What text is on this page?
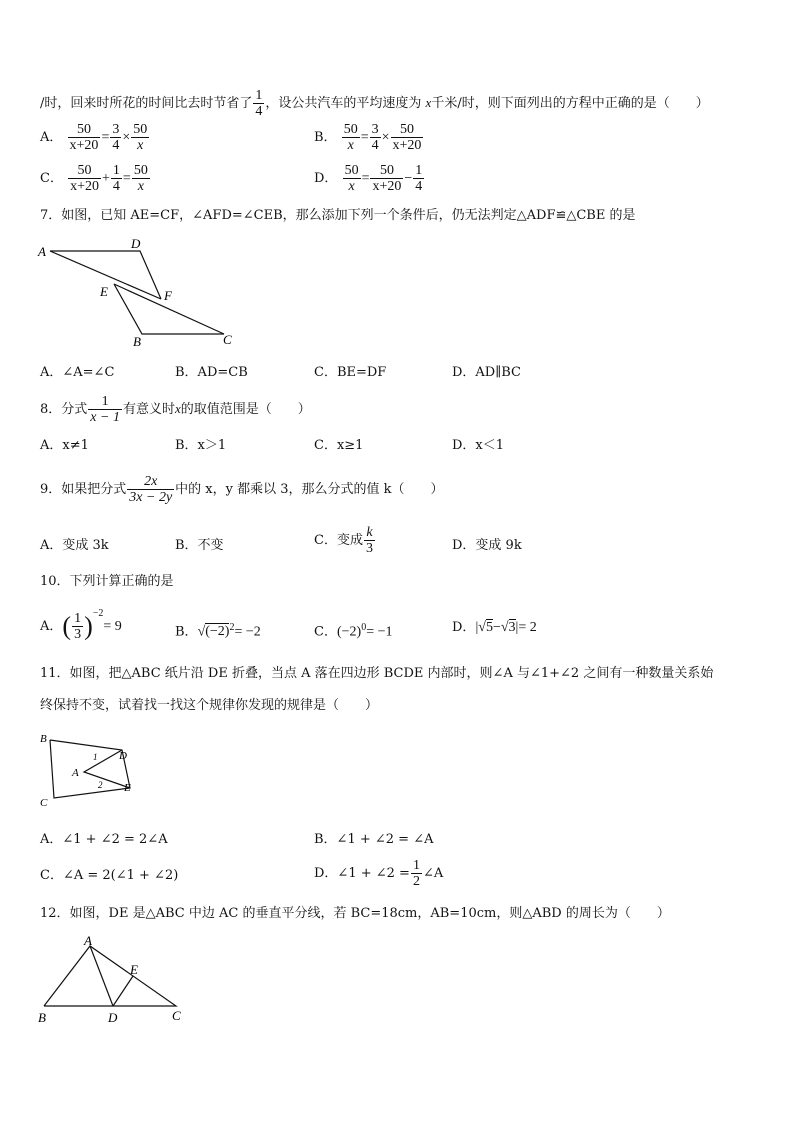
/时，回来时所花的时间比去时节省了 $\frac{1}{4}$ ，设公共汽车的平均速度为 x千米/时，则下面列出的方程中正确的是（　　）
A． $\frac{50}{x+20} = \frac{3}{4} \times \frac{50}{x}$	B． $\frac{50}{x} = \frac{3}{4} \times \frac{50}{x+20}$
C． $\frac{50}{x+20} + \frac{1}{4} = \frac{50}{x}$	D． $\frac{50}{x} = \frac{50}{x+20} - \frac{1}{4}$
7．如图，已知 AE=CF，∠AFD=∠CEB，那么添加下列一个条件后，仍无法判定△ADF≌△CBE 的是
A
D
E	F
B	C
A．∠A=∠C	B．AD=CB	C．BE=DF	D．AD∥BC
8．分式 $\frac{1}{x - 1}$ 有意义时x的取值范围是（　　）
A．x≠1	B．x＞1	C．x≥1	D．x＜1
9．如果把分式 $\frac{2x}{3x - 2y}$ 中的 x，y 都乘以 3，那么分式的值 k（　　）
A．变成 3k	B．不变	C．变成 $\frac{k}{3}$	D．变成 9k
10．下列计算正确的是
A．( $\frac{1}{3} )^{-2}= 9$	B．$√(-2)^2= -2$	C．$(-2)^0= -1$	D．|√5−√3|= 2
11．如图，把△ABC 纸片沿 DE 折叠，当点 A 落在四边形 BCDE 内部时，则∠A 与∠1+∠2 之间有一种数量关系始
终保持不变，试着找一找这个规律你发现的规律是（　　）
B
C
A
D
E
1
2
A．∠1 + ∠2 = 2∠A	B．∠1 + ∠2 = ∠A
C．∠A = 2(∠1 + ∠2)	D．∠1 + ∠2 = $\frac{1}{2}$ ∠A
12．如图，DE 是△ABC 中边 AC 的垂直平分线，若 BC=18cm，AB=10cm，则△ABD 的周长为（　　）
A
E
B	D	C
